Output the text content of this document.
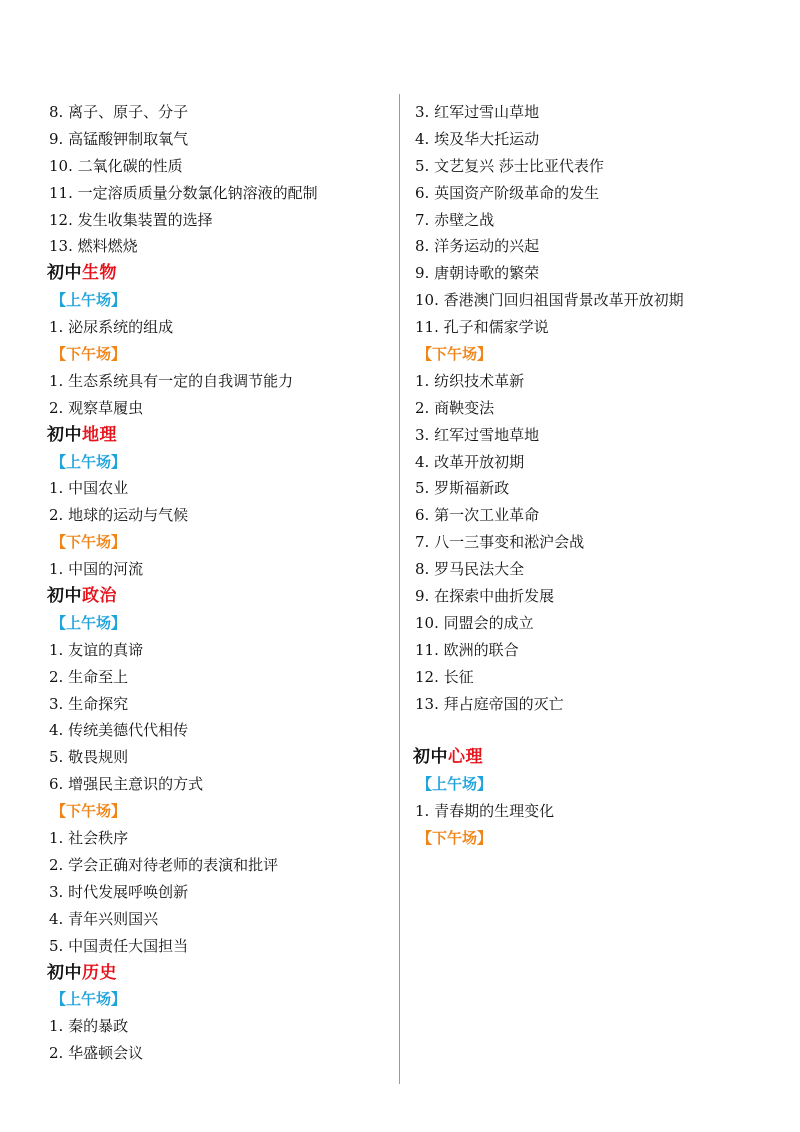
8. 离子、原子、分子
9. 高锰酸钾制取氧气
10. 二氧化碳的性质
11. 一定溶质质量分数氯化钠溶液的配制
12. 发生收集装置的选择
13. 燃料燃烧
初中生物
【上午场】
1. 泌尿系统的组成
【下午场】
1. 生态系统具有一定的自我调节能力
2. 观察草履虫
初中地理
【上午场】
1. 中国农业
2. 地球的运动与气候
【下午场】
1. 中国的河流
初中政治
【上午场】
1. 友谊的真谛
2. 生命至上
3. 生命探究
4. 传统美德代代相传
5. 敬畏规则
6. 增强民主意识的方式
【下午场】
1. 社会秩序
2. 学会正确对待老师的表演和批评
3. 时代发展呼唤创新
4. 青年兴则国兴
5. 中国责任大国担当
初中历史
【上午场】
1. 秦的暴政
2. 华盛顿会议
3. 红军过雪山草地
4. 埃及华大托运动
5. 文艺复兴 莎士比亚代表作
6. 英国资产阶级革命的发生
7. 赤壁之战
8. 洋务运动的兴起
9. 唐朝诗歌的繁荣
10. 香港澳门回归祖国背景改革开放初期
11. 孔子和儒家学说
【下午场】
1. 纺织技术革新
2. 商鞅变法
3. 红军过雪地草地
4. 改革开放初期
5. 罗斯福新政
6. 第一次工业革命
7. 八一三事变和淞沪会战
8. 罗马民法大全
9. 在探索中曲折发展
10. 同盟会的成立
11. 欧洲的联合
12. 长征
13. 拜占庭帝国的灭亡
初中心理
【上午场】
1. 青春期的生理变化
【下午场】
